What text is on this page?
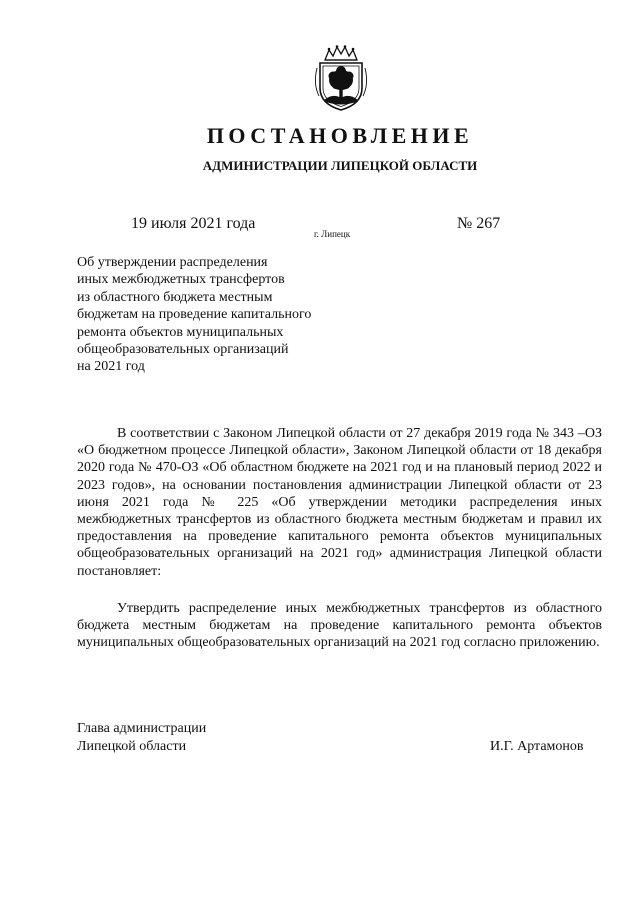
ПОСТАНОВЛЕНИЕ
АДМИНИСТРАЦИИ ЛИПЕЦКОЙ ОБЛАСТИ
19 июля 2021 года
г. Липецк
№ 267
Об утверждении распределения
иных межбюджетных трансфертов
из областного бюджета местным
бюджетам на проведение капитального
ремонта объектов муниципальных
общеобразовательных организаций
на 2021 год

В соответствии с Законом Липецкой области от 27 декабря 2019 года № 343 –ОЗ «О бюджетном процессе Липецкой области», Законом Липецкой области от 18 декабря 2020 года № 470-ОЗ «Об областном бюджете на 2021 год и на плановый период 2022 и 2023 годов», на основании постановления администрации Липецкой области от 23 июня 2021 года № 225 «Об утверждении методики распределения иных межбюджетных трансфертов из областного бюджета местным бюджетам и правил их предоставления на проведение капитального ремонта объектов муниципальных общеобразовательных организаций на 2021 год» администрация Липецкой области постановляет:

Утвердить распределение иных межбюджетных трансфертов из областного бюджета местным бюджетам на проведение капитального ремонта объектов муниципальных общеобразовательных организаций на 2021 год согласно приложению.

Глава администрации
Липецкой области	И.Г. Артамонов
